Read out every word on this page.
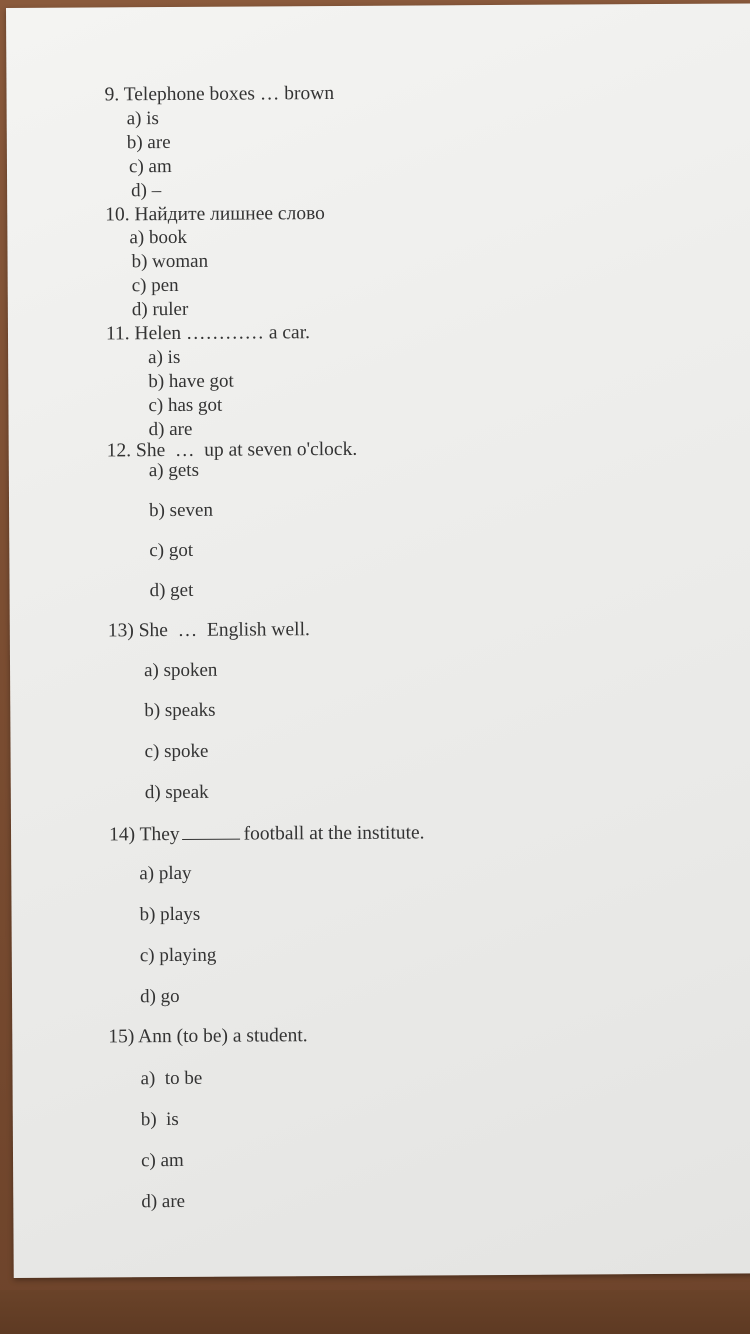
9. Telephone boxes … brown
a) is
b) are
c) am
d) –
10. Найдите лишнее слово
a) book
b) woman
c) pen
d) ruler
11. Helen ………… a car.
a) is
b) have got
c) has got
d) are
12. She  …  up at seven o'clock.
a) gets
b) seven
c) got
d) get
13) She  …  English well.
a) spoken
b) speaks
c) spoke
d) speak
14) They	football at the institute.
a) play
b) plays
c) playing
d) go
15) Ann (to be) a student.
a)  to be
b)  is
c) am
d) are
